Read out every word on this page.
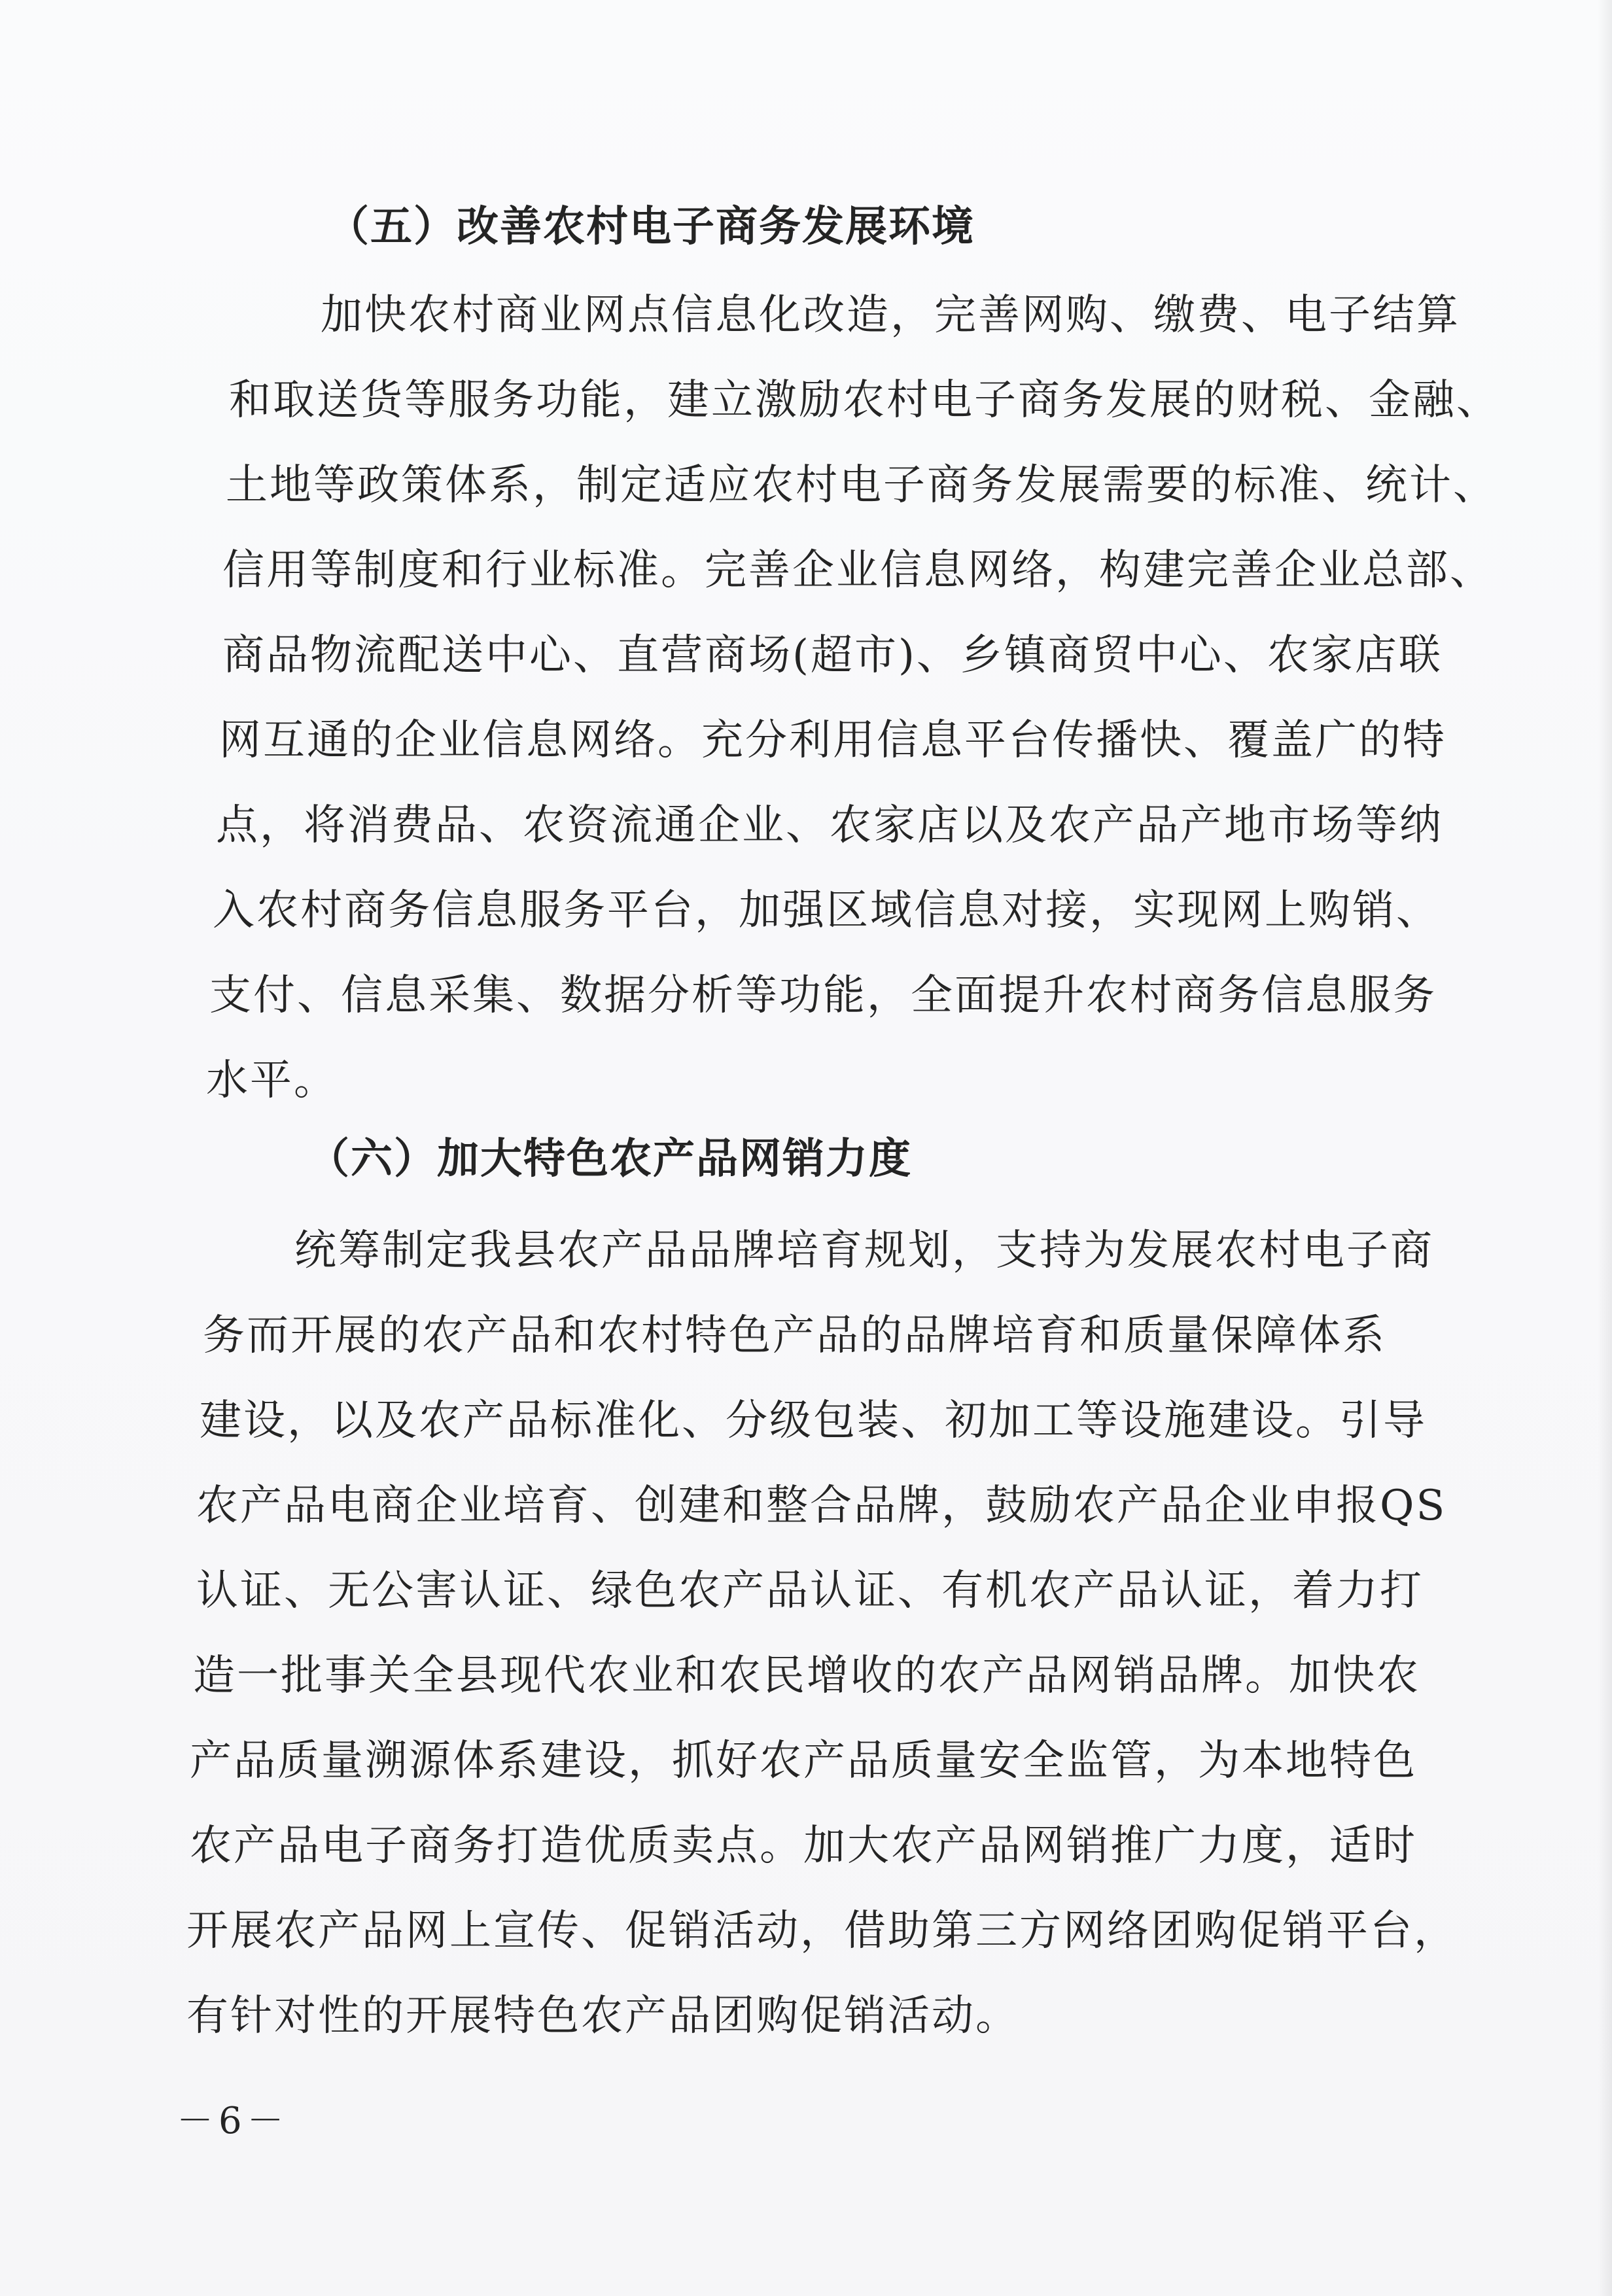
（五）改善农村电子商务发展环境
加快农村商业网点信息化改造，完善网购、缴费、电子结算
和取送货等服务功能，建立激励农村电子商务发展的财税、金融、
土地等政策体系，制定适应农村电子商务发展需要的标准、统计、
信用等制度和行业标准。完善企业信息网络，构建完善企业总部、
商品物流配送中心、直营商场(超市)、乡镇商贸中心、农家店联
网互通的企业信息网络。充分利用信息平台传播快、覆盖广的特
点，将消费品、农资流通企业、农家店以及农产品产地市场等纳
入农村商务信息服务平台，加强区域信息对接，实现网上购销、
支付、信息采集、数据分析等功能，全面提升农村商务信息服务
水平。
（六）加大特色农产品网销力度
统筹制定我县农产品品牌培育规划，支持为发展农村电子商
务而开展的农产品和农村特色产品的品牌培育和质量保障体系
建设，以及农产品标准化、分级包装、初加工等设施建设。引导
农产品电商企业培育、创建和整合品牌，鼓励农产品企业申报QS
认证、无公害认证、绿色农产品认证、有机农产品认证，着力打
造一批事关全县现代农业和农民增收的农产品网销品牌。加快农
产品质量溯源体系建设，抓好农产品质量安全监管，为本地特色
农产品电子商务打造优质卖点。加大农产品网销推广力度，适时
开展农产品网上宣传、促销活动，借助第三方网络团购促销平台，
有针对性的开展特色农产品团购促销活动。
－6－
